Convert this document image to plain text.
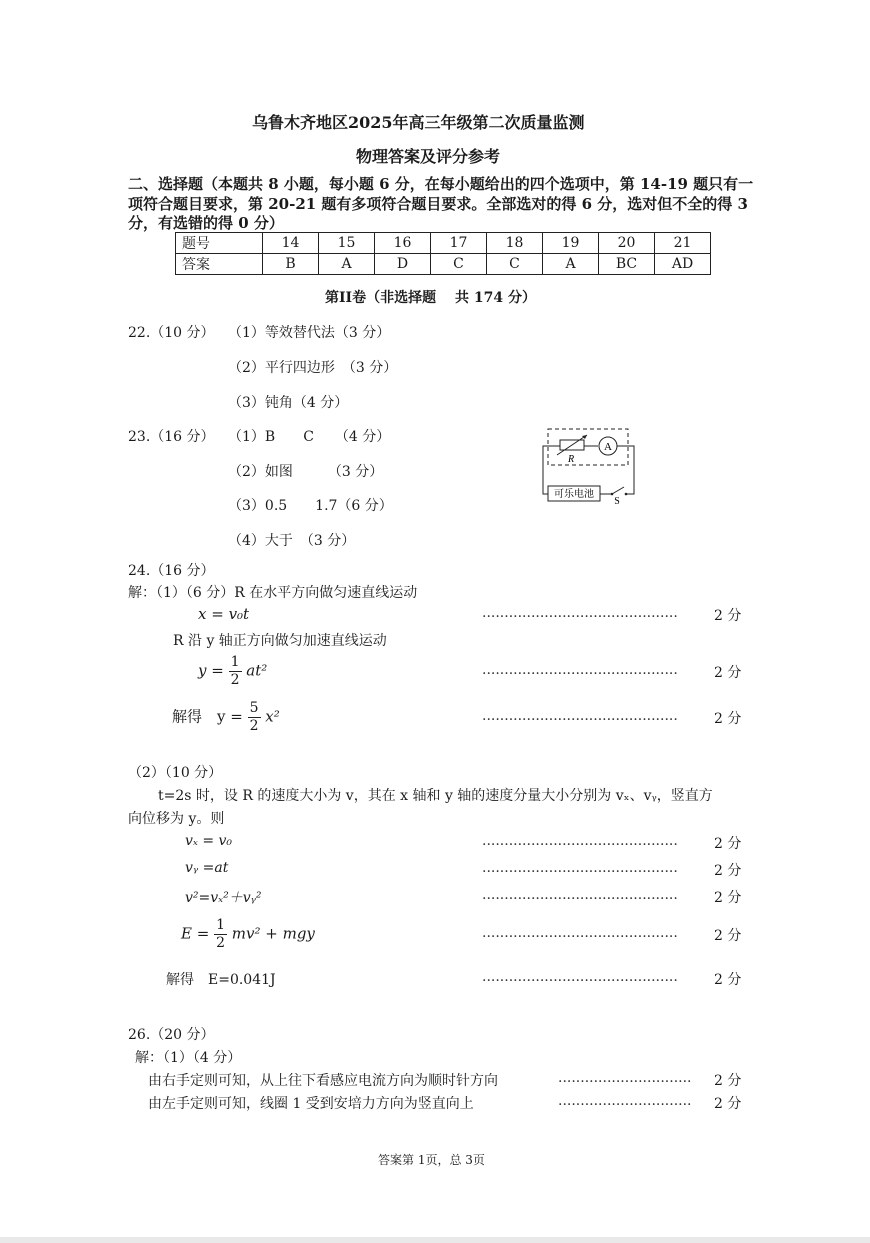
乌鲁木齐地区2025年高三年级第二次质量监测
物理答案及评分参考
二、选择题（本题共 8 小题，每小题 6 分，在每小题给出的四个选项中，第 14-19 题只有一
项符合题目要求，第 20-21 题有多项符合题目要求。全部选对的得 6 分，选对但不全的得 3
分，有选错的得 0 分）
题号	14	15	16	17	18	19	20	21
答案	B	A	D	C	C	A	BC	AD
第II卷（非选择题　 共 174 分）
22.（10 分） （1）等效替代法（3 分）
（2）平行四边形　（3 分）
（3）钝角（4 分）
23.（16 分） （1）B　　C　　（4 分）
（2）如图　　　（3 分）
（3）0.5　　1.7（6 分）
（4）大于　（3 分）
R
A
可乐电池
S
24.（16 分）
解：（1）（6 分）R 在水平方向做匀速直线运动
x = v₀t	............................................	2 分
R 沿 y 轴正方向做匀加速直线运动
$y = \frac{1}{2} at^2$	............................................	2 分
解得　$y = \frac{5}{2} x^2$	............................................	2 分
（2）（10 分）
t=2s 时，设 R 的速度大小为 v，其在 x 轴和 y 轴的速度分量大小分别为 vₓ、vᵧ，竖直方
向位移为 y。则
vₓ = v₀	............................................	2 分
vᵧ =at	............................................	2 分
v²=vₓ²＋vᵧ²	............................................	2 分
$E = \frac{1}{2} mv^2$ + mgy	............................................	2 分
解得　E=0.041J	............................................	2 分
26.（20 分）
解：（1）（4 分）
由右手定则可知，从上往下看感应电流方向为顺时针方向	.............................. 2 分
由左手定则可知，线圈 1 受到安培力方向为竖直向上	.............................. 2 分
答案第 1页，总 3页
